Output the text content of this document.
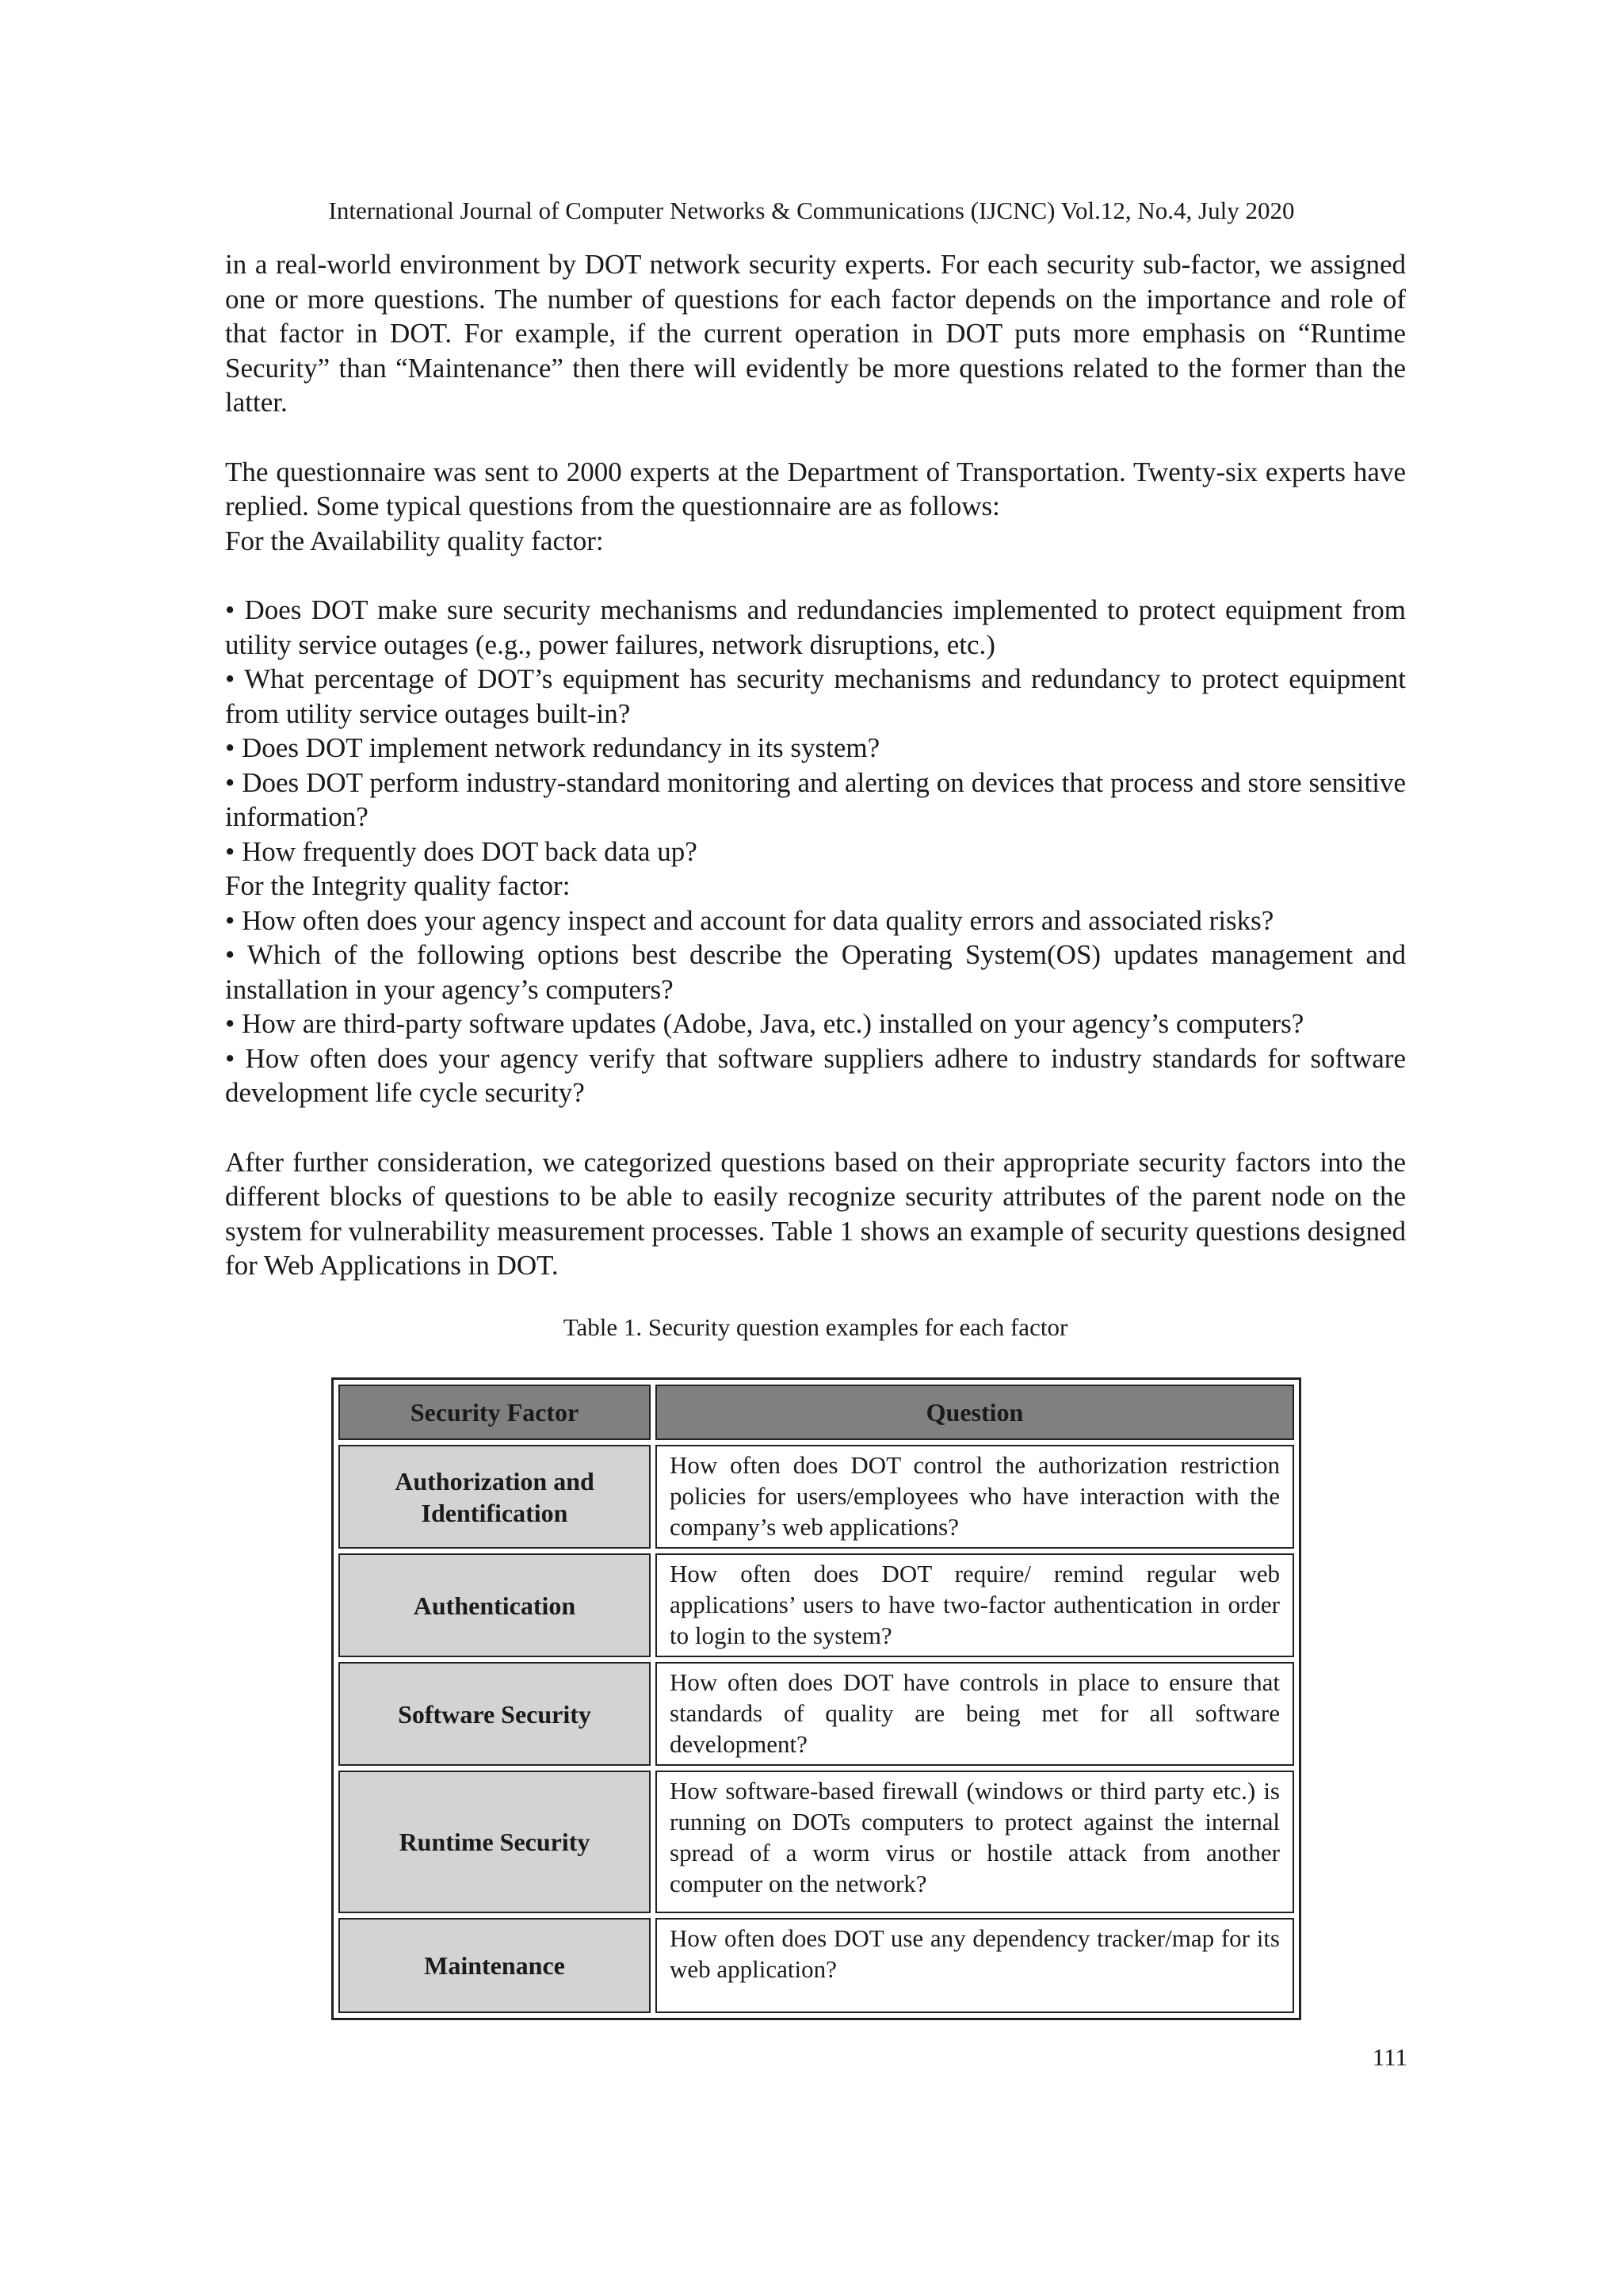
International Journal of Computer Networks & Communications (IJCNC) Vol.12, No.4, July 2020

in a real-world environment by DOT network security experts. For each security sub-factor, we assigned one or more questions. The number of questions for each factor depends on the importance and role of that factor in DOT. For example, if the current operation in DOT puts more emphasis on “Runtime Security” than “Maintenance” then there will evidently be more questions related to the former than the latter.

The questionnaire was sent to 2000 experts at the Department of Transportation. Twenty-six experts have replied. Some typical questions from the questionnaire are as follows:

For the Availability quality factor:

• Does DOT make sure security mechanisms and redundancies implemented to protect equipment from utility service outages (e.g., power failures, network disruptions, etc.)

• What percentage of DOT’s equipment has security mechanisms and redundancy to protect equipment from utility service outages built-in?

• Does DOT implement network redundancy in its system?

• Does DOT perform industry-standard monitoring and alerting on devices that process and store sensitive information?

• How frequently does DOT back data up?

For the Integrity quality factor:

• How often does your agency inspect and account for data quality errors and associated risks?

• Which of the following options best describe the Operating System(OS) updates management and installation in your agency’s computers?

• How are third-party software updates (Adobe, Java, etc.) installed on your agency’s computers?

• How often does your agency verify that software suppliers adhere to industry standards for software development life cycle security?

After further consideration, we categorized questions based on their appropriate security factors into the different blocks of questions to be able to easily recognize security attributes of the parent node on the system for vulnerability measurement processes. Table 1 shows an example of security questions designed for Web Applications in DOT.

Table 1. Security question examples for each factor
Security Factor	Question
Authorization and Identification	How often does DOT control the authorization restriction policies for users/employees who have interaction with the company’s web applications?
Authentication	How often does DOT require/ remind regular web applications’ users to have two-factor authentication in order to login to the system?
Software Security	How often does DOT have controls in place to ensure that standards of quality are being met for all software development?
Runtime Security	How software-based firewall (windows or third party etc.) is running on DOTs computers to protect against the internal spread of a worm virus or hostile attack from another computer on the network?
Maintenance	How often does DOT use any dependency tracker/map for its web application?
111
